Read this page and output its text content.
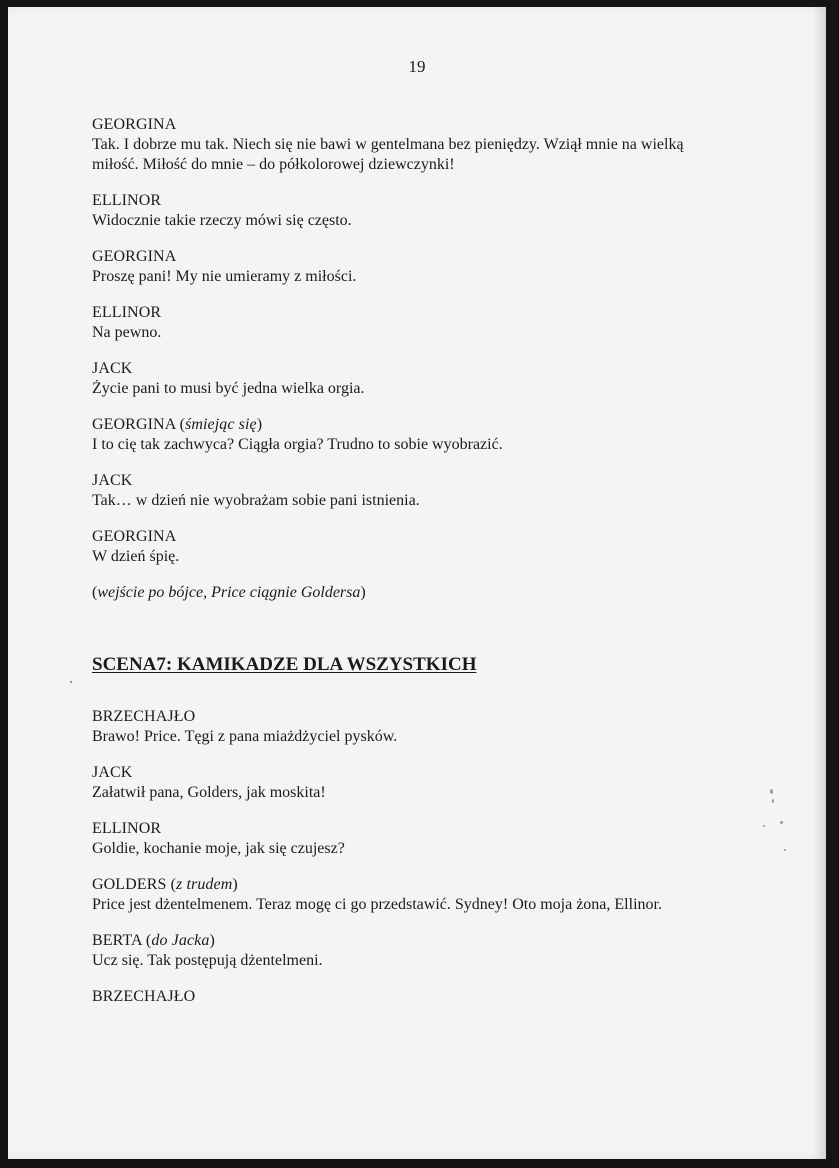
19
GEORGINA
Tak. I dobrze mu tak. Niech się nie bawi w gentelmana bez pieniędzy. Wziął mnie na wielką
miłość. Miłość do mnie – do półkolorowej dziewczynki!
ELLINOR
Widocznie takie rzeczy mówi się często.
GEORGINA
Proszę pani! My nie umieramy z miłości.
ELLINOR
Na pewno.
JACK
Życie pani to musi być jedna wielka orgia.
GEORGINA (śmiejąc się)
I to cię tak zachwyca? Ciągła orgia? Trudno to sobie wyobrazić.
JACK
Tak… w dzień nie wyobrażam sobie pani istnienia.
GEORGINA
W dzień śpię.
(wejście po bójce, Price ciągnie Goldersa)
SCENA7: KAMIKADZE DLA WSZYSTKICH
BRZECHAJŁO
Brawo! Price. Tęgi z pana miażdżyciel pysków.
JACK
Załatwił pana, Golders, jak moskita!
ELLINOR
Goldie, kochanie moje, jak się czujesz?
GOLDERS (z trudem)
Price jest dżentelmenem. Teraz mogę ci go przedstawić. Sydney! Oto moja żona, Ellinor.
BERTA (do Jacka)
Ucz się. Tak postępują dżentelmeni.
BRZECHAJŁO
